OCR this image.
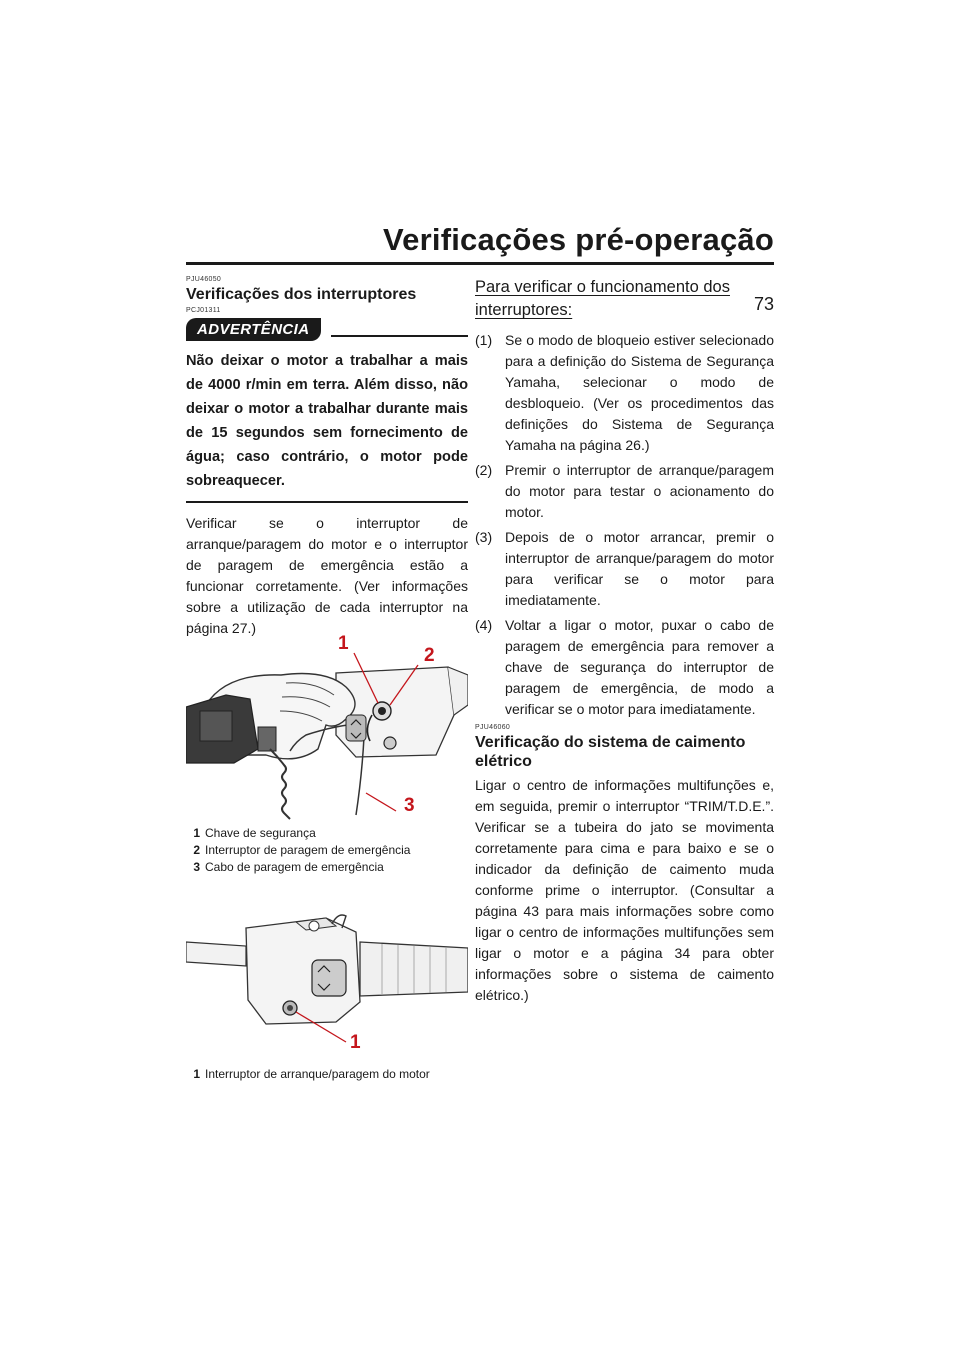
Verificações pré-operação
73
PJU46050
Verificações dos interruptores
PCJ01311
ADVERTÊNCIA
Não deixar o motor a trabalhar a mais de 4000 r/min em terra. Além disso, não deixar o motor a trabalhar durante mais de 15 segundos sem fornecimento de água; caso contrário, o motor pode sobreaquecer.
Verificar se o interruptor de arranque/paragem do motor e o interruptor de paragem de emergência estão a funcionar corretamente. (Ver informações sobre a utilização de cada interruptor na página 27.)
1
2
3
1 Chave de segurança
2 Interruptor de paragem de emergência
3 Cabo de paragem de emergência
1
1 Interruptor de arranque/paragem do motor
Para verificar o funcionamento dos interruptores:
(1) Se o modo de bloqueio estiver selecionado para a definição do Sistema de Segurança Yamaha, selecionar o modo de desbloqueio. (Ver os procedimentos das definições do Sistema de Segurança Yamaha na página 26.)
(2) Premir o interruptor de arranque/paragem do motor para testar o acionamento do motor.
(3) Depois de o motor arrancar, premir o interruptor de arranque/paragem do motor para verificar se o motor para imediatamente.
(4) Voltar a ligar o motor, puxar o cabo de paragem de emergência para remover a chave de segurança do interruptor de paragem de emergência, de modo a verificar se o motor para imediatamente.
PJU46060
Verificação do sistema de caimento elétrico
Ligar o centro de informações multifunções e, em seguida, premir o interruptor “TRIM/T.D.E.”. Verificar se a tubeira do jato se movimenta corretamente para cima e para baixo e se o indicador da definição de caimento muda conforme prime o interruptor. (Consultar a página 43 para mais informações sobre como ligar o centro de informações multifunções sem ligar o motor e a página 34 para obter informações sobre o sistema de caimento elétrico.)
